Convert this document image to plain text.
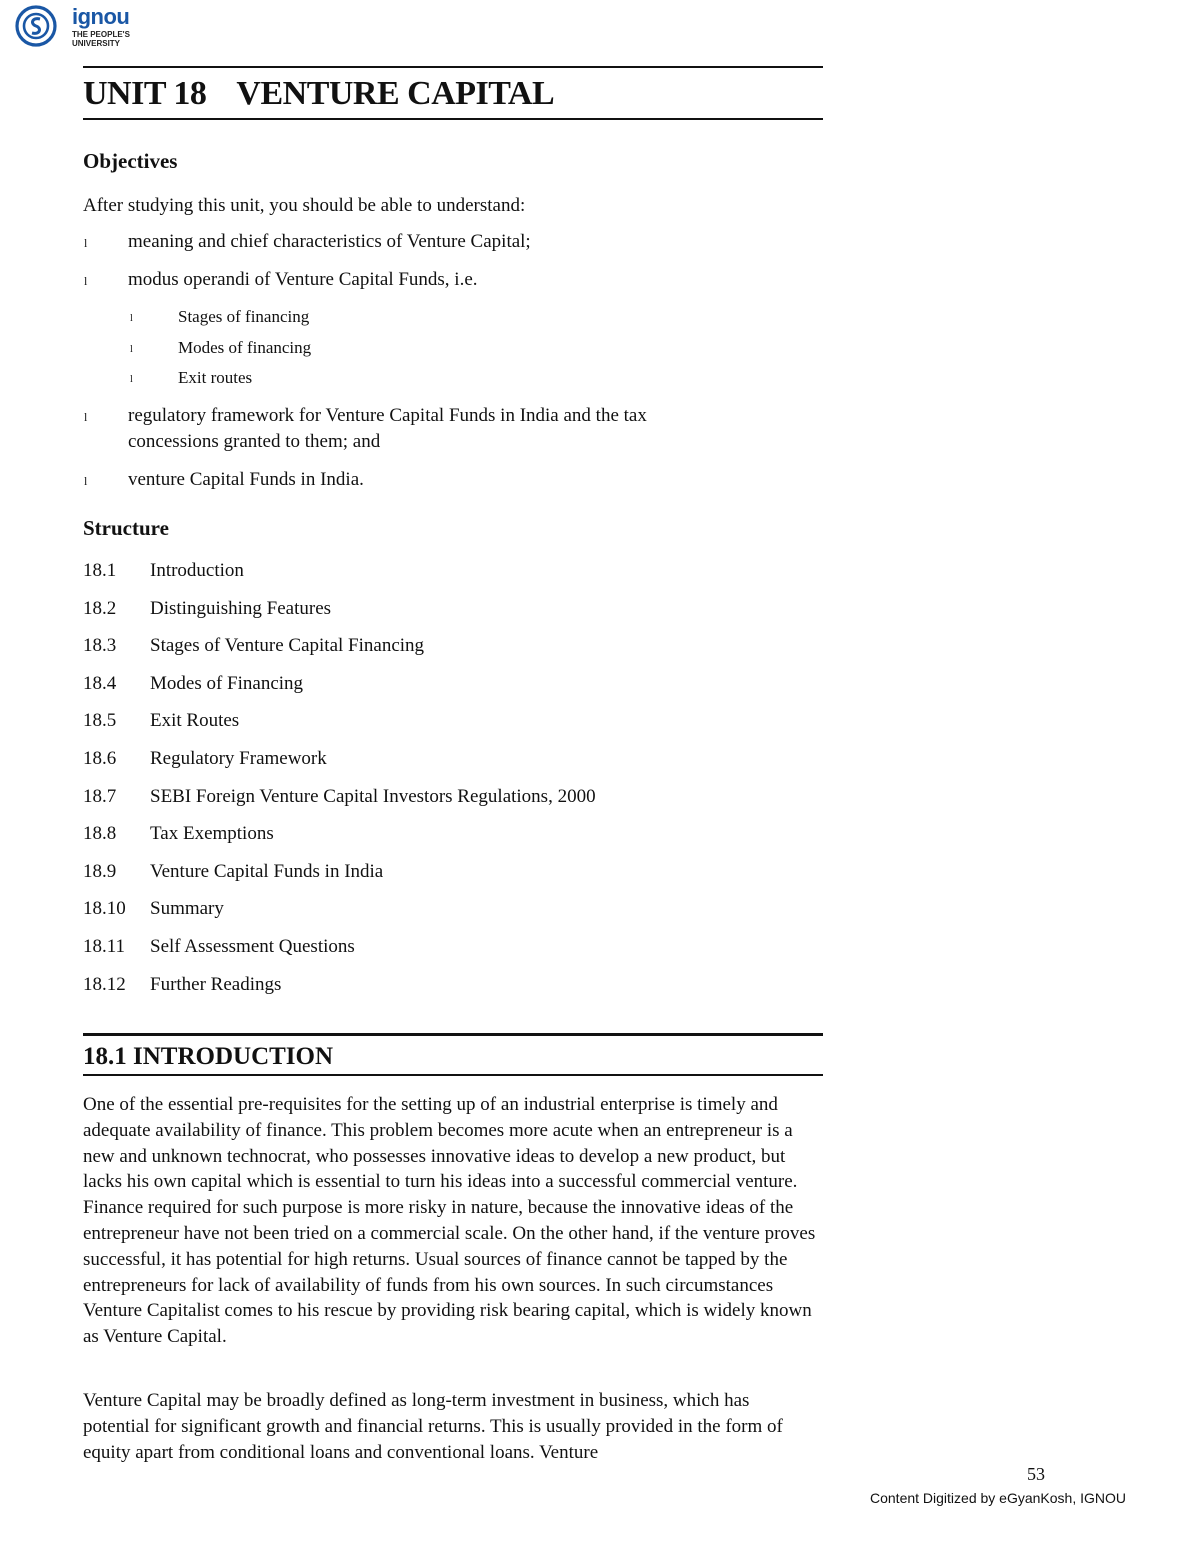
ignou
THE PEOPLE'S
UNIVERSITY
UNIT 18 VENTURE CAPITAL
Objectives
After studying this unit, you should be able to understand:
l meaning and chief characteristics of Venture Capital;
l modus operandi of Venture Capital Funds, i.e.
l	Stages of financing
l	Modes of financing
l	Exit routes
l regulatory framework for Venture Capital Funds in India and the tax concessions granted to them; and
l venture Capital Funds in India.
Structure
18.1 Introduction
18.2 Distinguishing Features
18.3 Stages of Venture Capital Financing
18.4 Modes of Financing
18.5 Exit Routes
18.6 Regulatory Framework
18.7 SEBI Foreign Venture Capital Investors Regulations, 2000
18.8 Tax Exemptions
18.9 Venture Capital Funds in India
18.10 Summary
18.11 Self Assessment Questions
18.12 Further Readings
18.1 INTRODUCTION
One of the essential pre-requisites for the setting up of an industrial enterprise is timely and adequate availability of finance. This problem becomes more acute when an entrepreneur is a new and unknown technocrat, who possesses innovative ideas to develop a new product, but lacks his own capital which is essential to turn his ideas into a successful commercial venture. Finance required for such purpose is more risky in nature, because the innovative ideas of the entrepreneur have not been tried on a commercial scale. On the other hand, if the venture proves successful, it has potential for high returns. Usual sources of finance cannot be tapped by the entrepreneurs for lack of availability of funds from his own sources. In such circumstances Venture Capitalist comes to his rescue by providing risk bearing capital, which is widely known as Venture Capital.
Venture Capital may be broadly defined as long-term investment in business, which has potential for significant growth and financial returns. This is usually provided in the form of equity apart from conditional loans and conventional loans. Venture
53
Content Digitized by eGyanKosh, IGNOU
